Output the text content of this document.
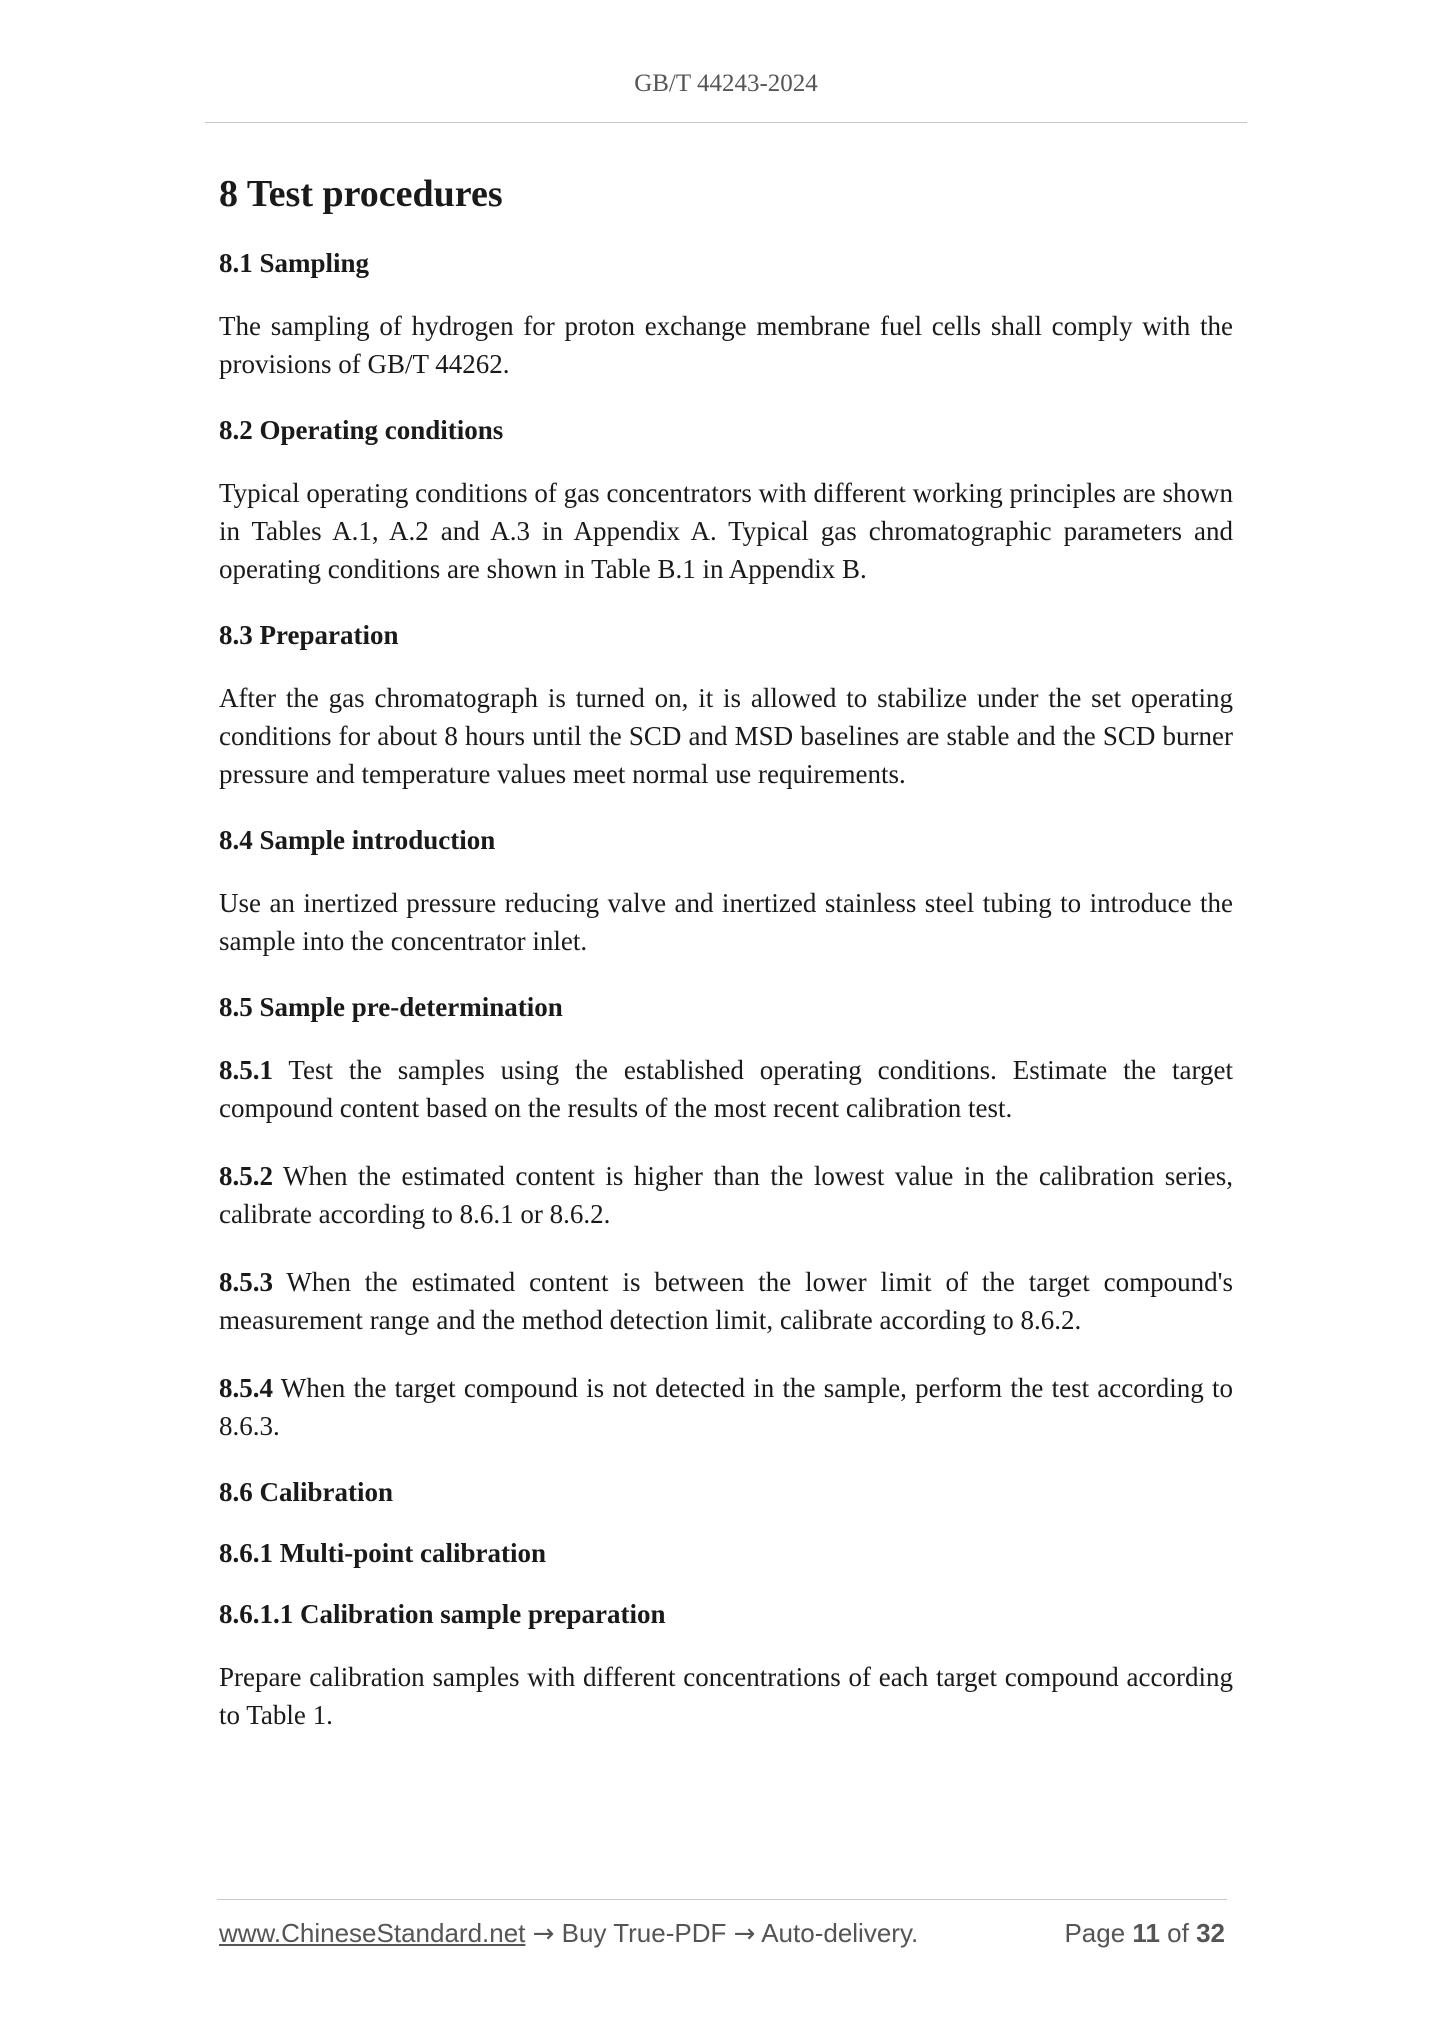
GB/T 44243-2024
8 Test procedures
8.1 Sampling

The sampling of hydrogen for proton exchange membrane fuel cells shall comply with the provisions of GB/T 44262.

8.2 Operating conditions

Typical operating conditions of gas concentrators with different working principles are shown in Tables A.1, A.2 and A.3 in Appendix A. Typical gas chromatographic parameters and operating conditions are shown in Table B.1 in Appendix B.

8.3 Preparation

After the gas chromatograph is turned on, it is allowed to stabilize under the set operating conditions for about 8 hours until the SCD and MSD baselines are stable and the SCD burner pressure and temperature values meet normal use requirements.

8.4 Sample introduction

Use an inertized pressure reducing valve and inertized stainless steel tubing to introduce the sample into the concentrator inlet.

8.5 Sample pre-determination

8.5.1 Test the samples using the established operating conditions. Estimate the target compound content based on the results of the most recent calibration test.

8.5.2 When the estimated content is higher than the lowest value in the calibration series, calibrate according to 8.6.1 or 8.6.2.

8.5.3 When the estimated content is between the lower limit of the target compound's measurement range and the method detection limit, calibrate according to 8.6.2.

8.5.4 When the target compound is not detected in the sample, perform the test according to 8.6.3.

8.6 Calibration
8.6.1 Multi-point calibration
8.6.1.1 Calibration sample preparation

Prepare calibration samples with different concentrations of each target compound according to Table 1.

www.ChineseStandard.net → Buy True-PDF → Auto-delivery.	Page 11 of 32
